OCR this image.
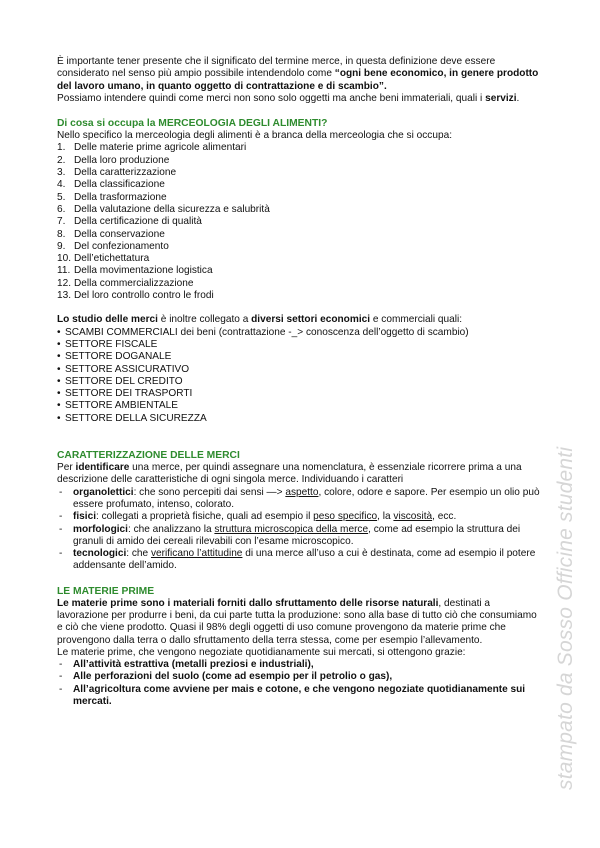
È importante tener presente che il significato del termine merce, in questa definizione deve essere considerato nel senso più ampio possibile intendendolo come “ogni bene economico, in genere prodotto del lavoro umano, in quanto oggetto di contrattazione e di scambio”.

Possiamo intendere quindi come merci non sono solo oggetti ma anche beni immateriali, quali i servizi.

Di cosa si occupa la MERCEOLOGIA DEGLI ALIMENTI?

Nello specifico la merceologia degli alimenti è a branca della merceologia che si occupa:

1. Delle materie prime agricole alimentari
2. Della loro produzione
3. Della caratterizzazione
4. Della classificazione
5. Della trasformazione
6. Della valutazione della sicurezza e salubrità
7. Della certificazione di qualità
8. Della conservazione
9. Del confezionamento
10. Dell’etichettatura
11. Della movimentazione logistica
12. Della commercializzazione
13. Del loro controllo contro le frodi

Lo studio delle merci è inoltre collegato a diversi settori economici e commerciali quali:

• SCAMBI COMMERCIALI dei beni (contrattazione -_> conoscenza dell’oggetto di scambio)
• SETTORE FISCALE
• SETTORE DOGANALE
• SETTORE ASSICURATIVO
• SETTORE DEL CREDITO
• SETTORE DEI TRASPORTI
• SETTORE AMBIENTALE
• SETTORE DELLA SICUREZZA
CARATTERIZZAZIONE DELLE MERCI

Per identificare una merce, per quindi assegnare una nomenclatura, è essenziale ricorrere prima a una descrizione delle caratteristiche di ogni singola merce. Individuando i caratteri

-	organolettici: che sono percepiti dai sensi —> aspetto, colore, odore e sapore. Per esempio un olio può essere profumato, intenso, colorato.
-	fisici: collegati a proprietà fisiche, quali ad esempio il peso specifico, la viscosità, ecc.
-	morfologici: che analizzano la struttura microscopica della merce, come ad esempio la struttura dei granuli di amido dei cereali rilevabili con l’esame microscopico.
-	tecnologici: che verificano l’attitudine di una merce all’uso a cui è destinata, come ad esempio il potere addensante dell’amido.
LE MATERIE PRIME

Le materie prime sono i materiali forniti dallo sfruttamento delle risorse naturali, destinati a lavorazione per produrre i beni, da cui parte tutta la produzione: sono alla base di tutto ciò che consumiamo e ciò che viene prodotto. Quasi il 98% degli oggetti di uso comune provengono da materie prime che provengono dalla terra o dallo sfruttamento della terra stessa, come per esempio l’allevamento.

Le materie prime, che vengono negoziate quotidianamente sui mercati, si ottengono grazie:

-	All’attività estrattiva (metalli preziosi e industriali),
-	Alle perforazioni del suolo (come ad esempio per il petrolio o gas),
-	All’agricoltura come avviene per mais e cotone, e che vengono negoziate quotidianamente sui mercati.	stampato da Sosso Officine studenti
